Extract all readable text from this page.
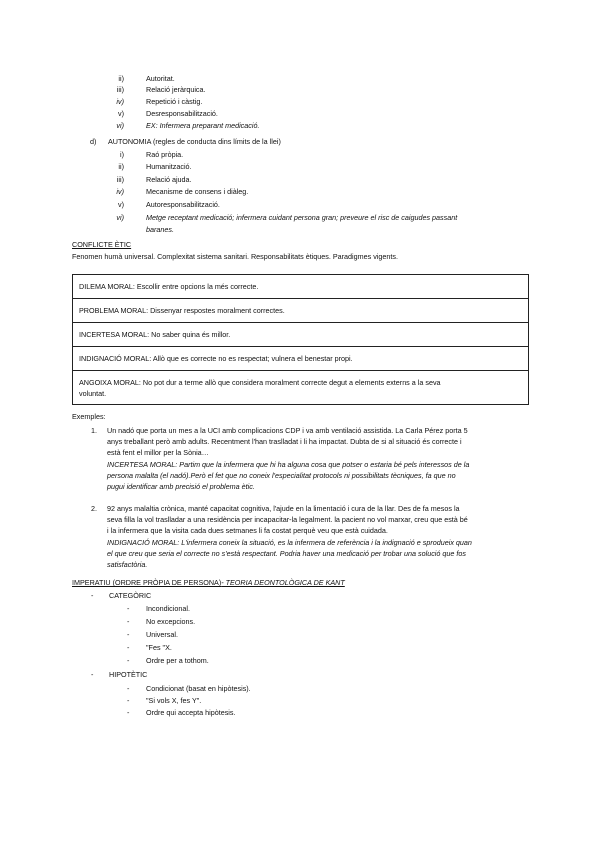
ii)	Autoritat.
iii)	Relació jeràrquica.
iv)	Repetició i càstig.
v)	Desresponsabilització.
vi)	EX: Infermera preparant medicació.
d) AUTONOMIA (regles de conducta dins límits de la llei)
i)	Raó pròpia.
ii)	Humanització.
iii)	Relació ajuda.
iv)	Mecanisme de consens i diàleg.
v)	Autoresponsabilització.
vi)	Metge receptant medicació; infermera cuidant persona gran; preveure el risc de caigudes passant
baranes.
CONFLICTE ÈTIC
Fenomen humà universal. Complexitat sistema sanitari. Responsabilitats ètiques. Paradigmes vigents.
DILEMA MORAL: Escollir entre opcions la més correcte.
PROBLEMA MORAL: Dissenyar respostes moralment correctes.
INCERTESA MORAL: No saber quina és millor.
INDIGNACIÓ MORAL: Allò que es correcte no es respectat; vulnera el benestar propi.
ANGOIXA MORAL: No pot dur a terme allò que considera moralment correcte degut a elements externs a la seva
voluntat.
Exemples:
1. Un nadó que porta un mes a la UCI amb complicacions CDP i va amb ventilació assistida. La Carla Pérez porta 5
anys treballant però amb adults. Recentment l'han traslladat i li ha impactat. Dubta de si al situació és correcte i
està fent el millor per la Sònia…
INCERTESA MORAL: Partim que la infermera que hi ha alguna cosa que potser o estaria bé pels interessos de la
persona malalta (el nadó).Però el fet que no coneix l'especialitat protocols ni possibilitats tècniques, fa que no
pugui identificar amb precisió el problema ètic.
2. 92 anys malaltia crònica, manté capacitat cognitiva, l'ajude en la limentació i cura de la llar. Des de fa mesos la
seva filla la vol traslladar a una residència per incapacitar-la legalment. la pacient no vol marxar, creu que està bé
i la infermera que la visita cada dues setmanes li fa costat perquè veu que està cuidada.
INDIGNACIÓ MORAL: L'infermera coneix la situació, es la infermera de referència i la indignació e sprodueix quan
el que creu que seria el correcte no s'està respectant. Podria haver una medicació per trobar una solució que fos
satisfactòria.
IMPERATIU (ORDRE PRÒPIA DE PERSONA)- TEORIA DEONTOLÒGICA DE KANT
- CATEGÒRIC
- Incondicional.
- No excepcions.
- Universal.
- "Fes "X.
- Ordre per a tothom.
- HIPOTÈTIC
- Condicionat (basat en hipòtesis).
- "Si vols X, fes Y".
- Ordre qui accepta hipòtesis.
